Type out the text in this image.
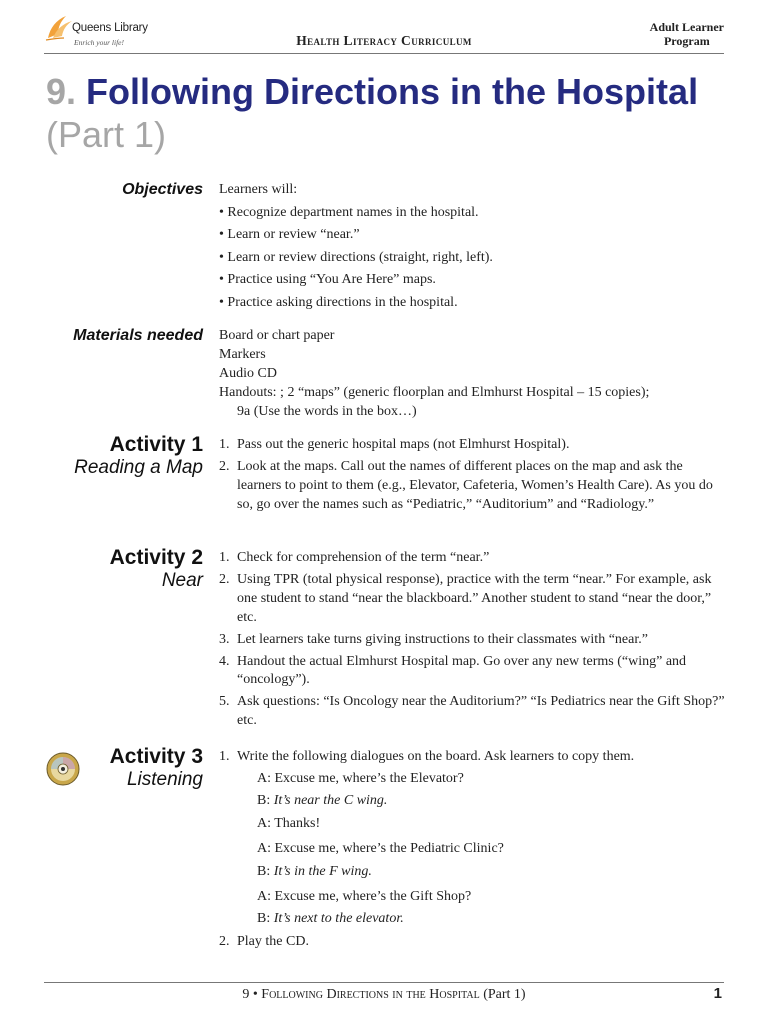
Queens Library
Enrich your life!	Health Literacy Curriculum
Adult Learner
Program
9. Following Directions in the Hospital (Part 1)
Objectives Learners will:
• Recognize department names in the hospital.
• Learn or review “near.”
• Learn or review directions (straight, right, left).
• Practice using “You Are Here” maps.
• Practice asking directions in the hospital.
Materials needed Board or chart paper
Markers
Audio CD
Handouts: ; 2 “maps” (generic floorplan and Elmhurst Hospital – 15 copies);
9a (Use the words in the box…)
Activity 1
Reading a Map
1. Pass out the generic hospital maps (not Elmhurst Hospital).
2. Look at the maps. Call out the names of different places on the map and ask the learners to point to them (e.g., Elevator, Cafeteria, Women’s Health Care). As you do so, go over the names such as “Pediatric,” “Auditorium” and “Radiology.”
Activity 2
Near
1. Check for comprehension of the term “near.”
2. Using TPR (total physical response), practice with the term “near.” For example, ask one student to stand “near the blackboard.” Another student to stand “near the door,” etc.
3. Let learners take turns giving instructions to their classmates with “near.”
4. Handout the actual Elmhurst Hospital map. Go over any new terms (“wing” and “oncology”).
5. Ask questions: “Is Oncology near the Auditorium?” “Is Pediatrics near the Gift Shop?” etc.
Activity 3
Listening
1. Write the following dialogues on the board. Ask learners to copy them.
A: Excuse me, where’s the Elevator?
B: It’s near the C wing.
A: Thanks!
A: Excuse me, where’s the Pediatric Clinic?
B: It’s in the F wing.
A: Excuse me, where’s the Gift Shop?
B: It’s next to the elevator.
2. Play the CD.
9 • Following Directions in the Hospital (Part 1)	1
